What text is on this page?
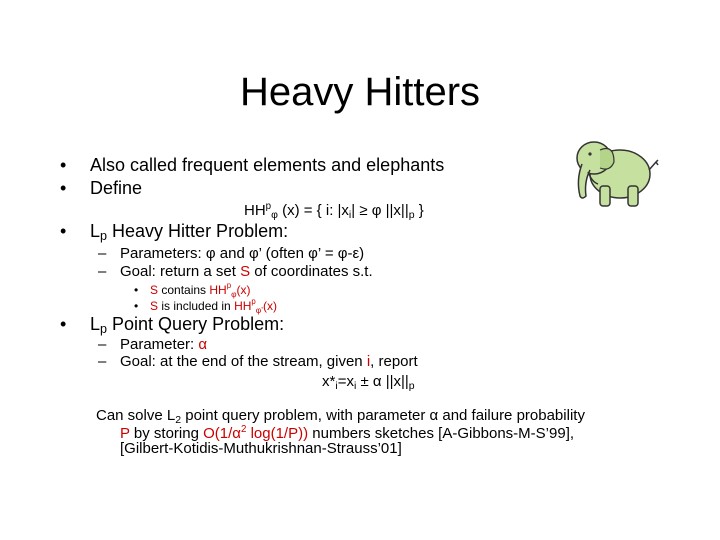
Heavy Hitters
• Also called frequent elements and elephants
• Define
$HH^p_\varphi$ (x) = { i: $|x_i| \ge \varphi$ $||x||_p$ }
• $L_p$ Heavy Hitter Problem:
– Parameters: φ and φ’ (often φ’ = φ-ε)
– Goal: return a set S of coordinates s.t.
• S contains $HH^p_\varphi(x)$
• S is included in $HH^p_{\varphi’}(x)$
• $L_p$ Point Query Problem:
– Parameter: α
– Goal: at the end of the stream, given i, report
$x*_i=x_i \pm \alpha$ $||x||_p$
Can solve $L_2$ point query problem, with parameter α and failure probability
P by storing $O(1/\alpha^2$ log(1/P)) numbers sketches [A-Gibbons-M-S’99],
[Gilbert-Kotidis-Muthukrishnan-Strauss’01]
